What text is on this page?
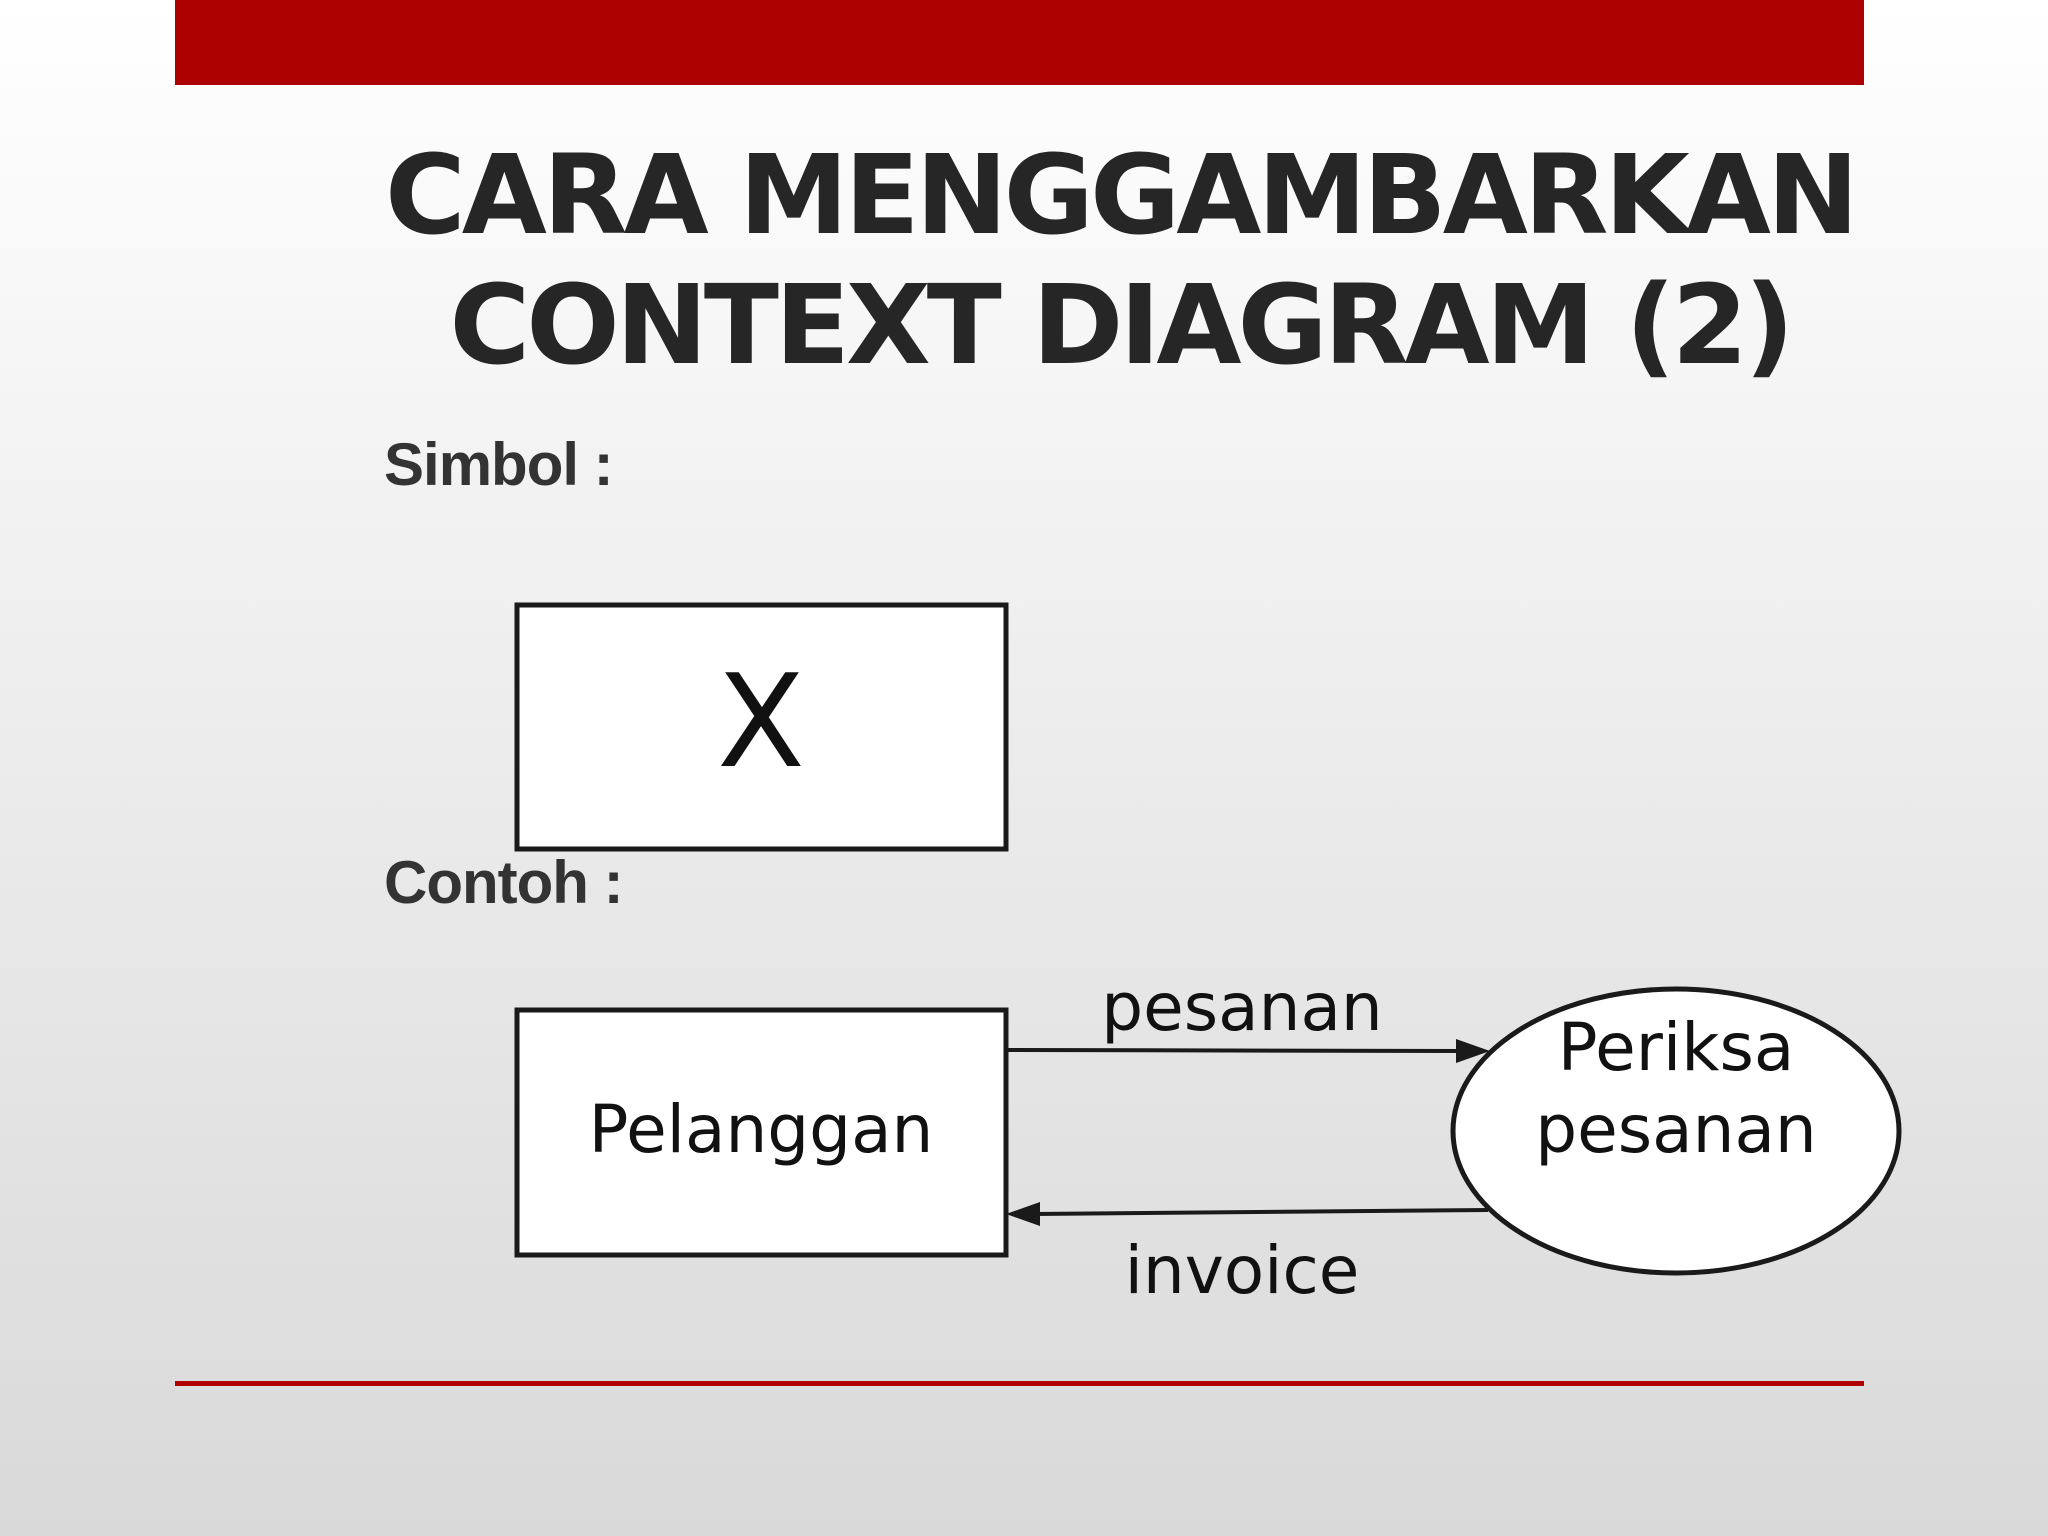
CARA MENGGAMBARKAN
CONTEXT DIAGRAM (2)
Simbol :
Contoh :
X
Pelanggan
Periksa
pesanan
pesanan
invoice
